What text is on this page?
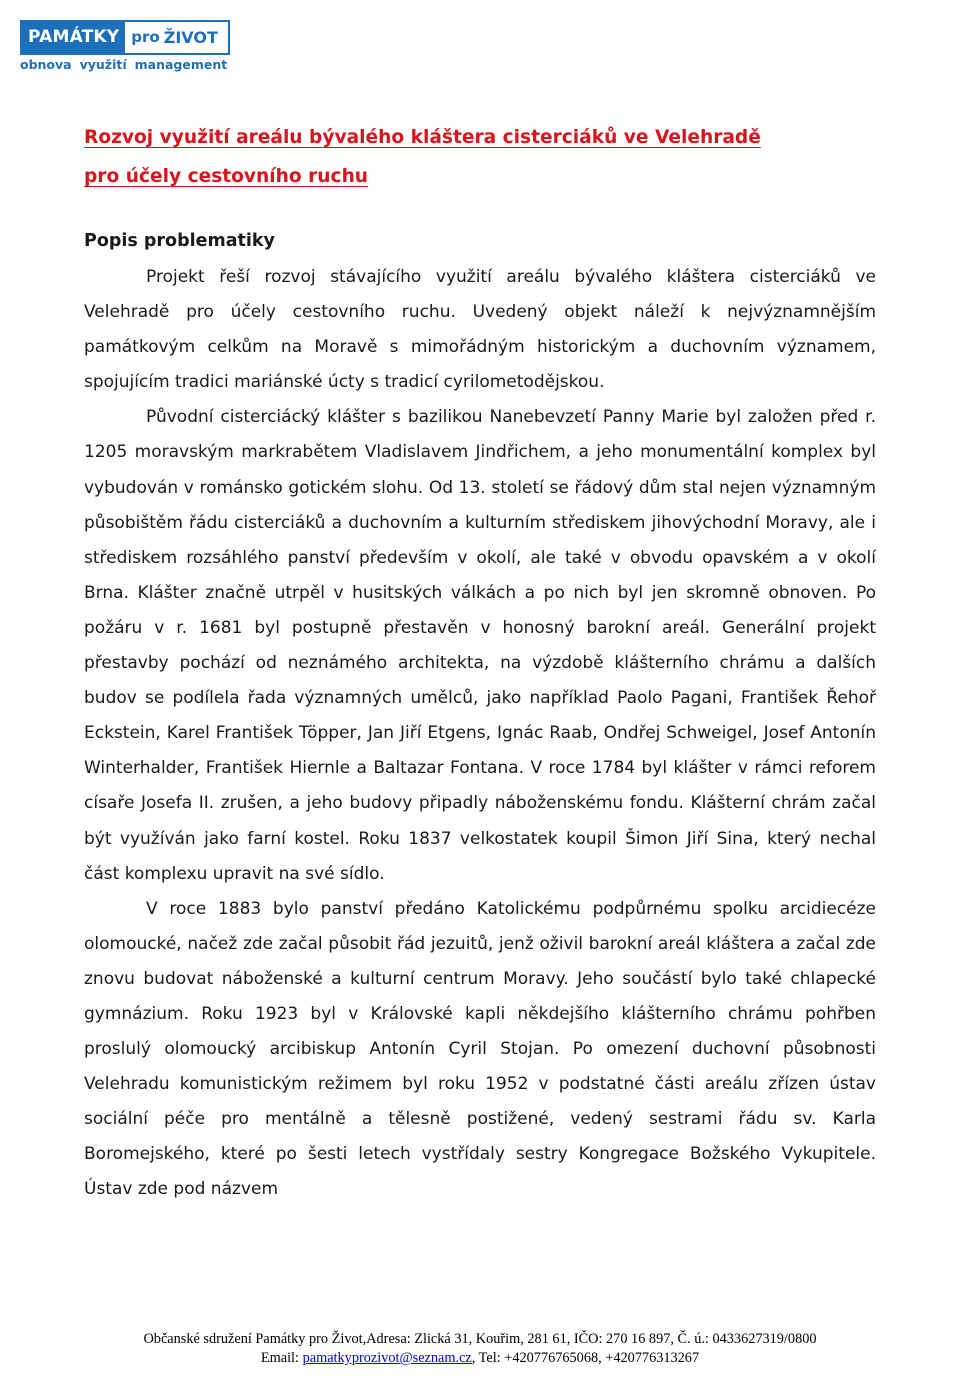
PAMÁTKY pro ŽIVOT
obnova využití management
Rozvoj využití areálu bývalého kláštera cisterciáků ve Velehradě
pro účely cestovního ruchu
Popis problematiky

Projekt řeší rozvoj stávajícího využití areálu bývalého kláštera cisterciáků ve Velehradě pro účely cestovního ruchu. Uvedený objekt náleží k nejvýznamnějším památkovým celkům na Moravě s mimořádným historickým a duchovním významem, spojujícím tradici mariánské úcty s tradicí cyrilometodějskou.

Původní cisterciácký klášter s bazilikou Nanebevzetí Panny Marie byl založen před r. 1205 moravským markrabětem Vladislavem Jindřichem, a jeho monumentální komplex byl vybudován v románsko gotickém slohu. Od 13. století se řádový dům stal nejen významným působištěm řádu cisterciáků a duchovním a kulturním střediskem jihovýchodní Moravy, ale i střediskem rozsáhlého panství především v okolí, ale také v obvodu opavském a v okolí Brna. Klášter značně utrpěl v husitských válkách a po nich byl jen skromně obnoven. Po požáru v r. 1681 byl postupně přestavěn v honosný barokní areál. Generální projekt přestavby pochází od neznámého architekta, na výzdobě klášterního chrámu a dalších budov se podílela řada významných umělců, jako například Paolo Pagani, František Řehoř Eckstein, Karel František Töpper, Jan Jiří Etgens, Ignác Raab, Ondřej Schweigel, Josef Antonín Winterhalder, František Hiernle a Baltazar Fontana. V roce 1784 byl klášter v rámci reforem císaře Josefa II. zrušen, a jeho budovy připadly náboženskému fondu. Klášterní chrám začal být využíván jako farní kostel. Roku 1837 velkostatek koupil Šimon Jiří Sina, který nechal část komplexu upravit na své sídlo.

V roce 1883 bylo panství předáno Katolickému podpůrnému spolku arcidiecéze olomoucké, načež zde začal působit řád jezuitů, jenž oživil barokní areál kláštera a začal zde znovu budovat náboženské a kulturní centrum Moravy. Jeho součástí bylo také chlapecké gymnázium. Roku 1923 byl v Královské kapli někdejšího klášterního chrámu pohřben proslulý olomoucký arcibiskup Antonín Cyril Stojan. Po omezení duchovní působnosti Velehradu komunistickým režimem byl roku 1952 v podstatné části areálu zřízen ústav sociální péče pro mentálně a tělesně postižené, vedený sestrami řádu sv. Karla Boromejského, které po šesti letech vystřídaly sestry Kongregace Božského Vykupitele. Ústav zde pod názvem

Občanské sdružení Památky pro Život,Adresa: Zlická 31, Kouřim, 281 61, IČO: 270 16 897, Č. ú.: 0433627319/0800
Email: pamatkyprozivot@seznam.cz, Tel: +420776765068, +420776313267
